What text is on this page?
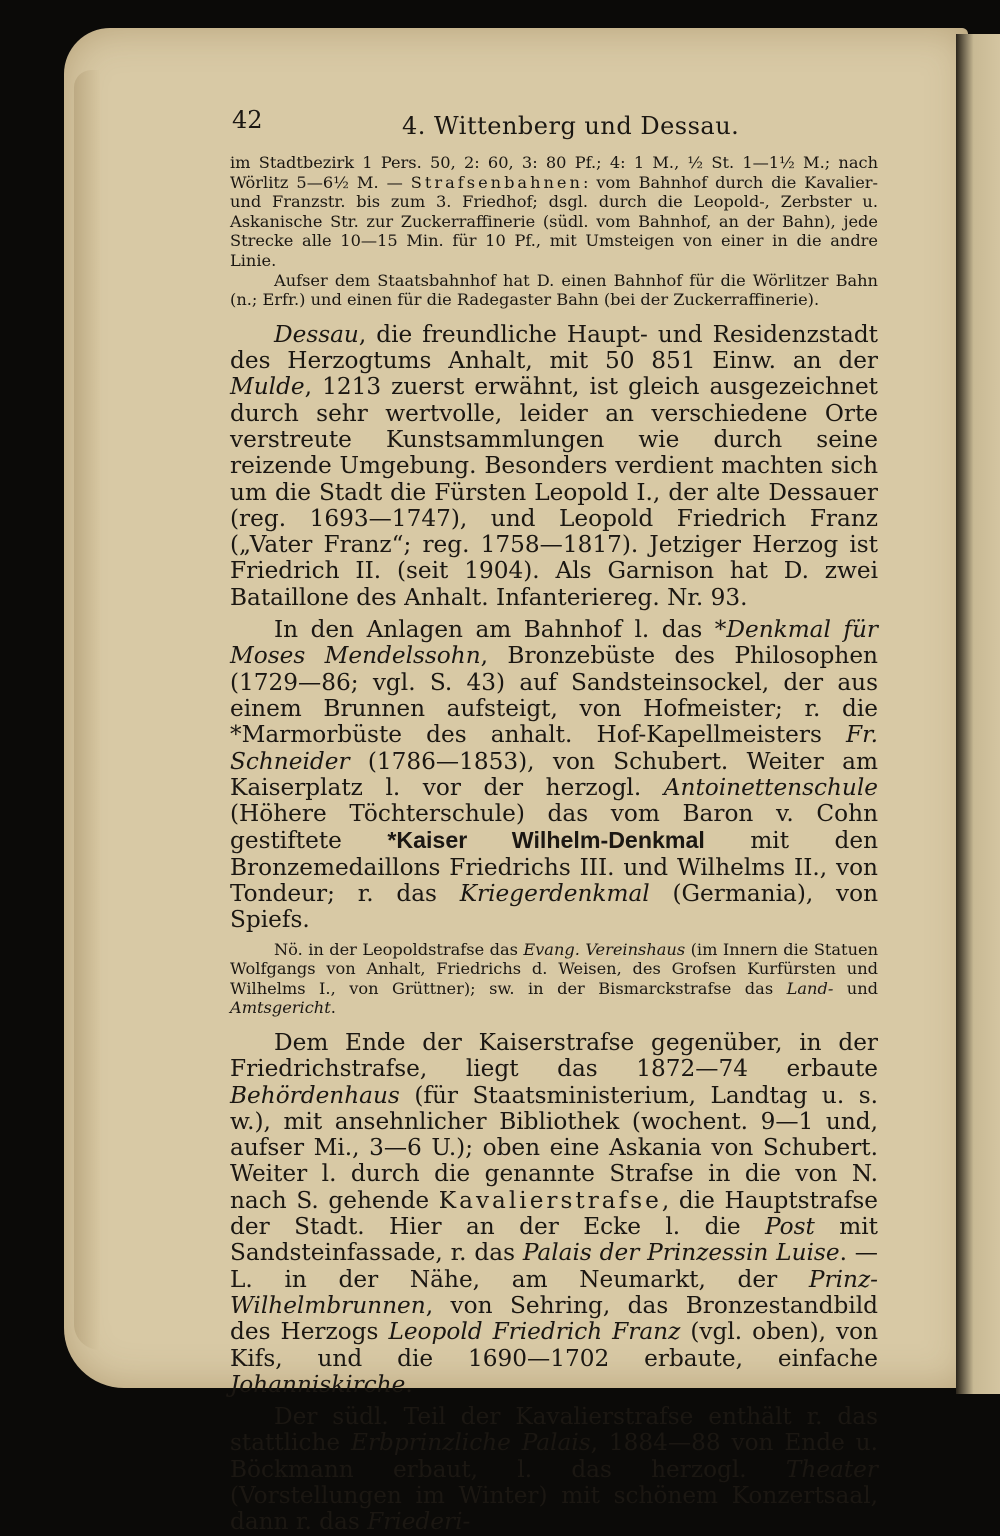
42	4. Wittenberg und Dessau.

im Stadtbezirk 1 Pers. 50, 2: 60, 3: 80 Pf.; 4: 1 M., ½ St. 1—1½ M.; nach Wörlitz 5—6½ M. — Strafsenbahnen: vom Bahnhof durch die Kavalier- und Franzstr. bis zum 3. Friedhof; dsgl. durch die Leopold-, Zerbster u. Askanische Str. zur Zuckerraffinerie (südl. vom Bahnhof, an der Bahn), jede Strecke alle 10—15 Min. für 10 Pf., mit Umsteigen von einer in die andre Linie.

Aufser dem Staatsbahnhof hat D. einen Bahnhof für die Wörlitzer Bahn (n.; Erfr.) und einen für die Radegaster Bahn (bei der Zuckerraffinerie).

Dessau, die freundliche Haupt- und Residenzstadt des Herzogtums Anhalt, mit 50 851 Einw. an der Mulde, 1213 zuerst erwähnt, ist gleich ausgezeichnet durch sehr wertvolle, leider an verschiedene Orte verstreute Kunstsammlungen wie durch seine reizende Umgebung. Besonders verdient machten sich um die Stadt die Fürsten Leopold I., der alte Dessauer (reg. 1693—1747), und Leopold Friedrich Franz („Vater Franz“; reg. 1758—1817). Jetziger Herzog ist Friedrich II. (seit 1904). Als Garnison hat D. zwei Bataillone des Anhalt. Infanteriereg. Nr. 93.

In den Anlagen am Bahnhof l. das *Denkmal für Moses Mendelssohn, Bronzebüste des Philosophen (1729—86; vgl. S. 43) auf Sandsteinsockel, der aus einem Brunnen aufsteigt, von Hofmeister; r. die *Marmorbüste des anhalt. Hof-Kapellmeisters Fr. Schneider (1786—1853), von Schubert. Weiter am Kaiserplatz l. vor der herzogl. Antoinettenschule (Höhere Töchterschule) das vom Baron v. Cohn gestiftete *Kaiser Wilhelm-Denkmal mit den Bronzemedaillons Friedrichs III. und Wilhelms II., von Tondeur; r. das Kriegerdenkmal (Germania), von Spiefs.

Nö. in der Leopoldstrafse das Evang. Vereinshaus (im Innern die Statuen Wolfgangs von Anhalt, Friedrichs d. Weisen, des Grofsen Kurfürsten und Wilhelms I., von Grüttner); sw. in der Bismarckstrafse das Land- und Amtsgericht.

Dem Ende der Kaiserstrafse gegenüber, in der Friedrichstrafse, liegt das 1872—74 erbaute Behördenhaus (für Staatsministerium, Landtag u. s. w.), mit ansehnlicher Bibliothek (wochent. 9—1 und, aufser Mi., 3—6 U.); oben eine Askania von Schubert. Weiter l. durch die genannte Strafse in die von N. nach S. gehende Kavalierstrafse, die Hauptstrafse der Stadt. Hier an der Ecke l. die Post mit Sandsteinfassade, r. das Palais der Prinzessin Luise. — L. in der Nähe, am Neumarkt, der Prinz-Wilhelmbrunnen, von Sehring, das Bronzestandbild des Herzogs Leopold Friedrich Franz (vgl. oben), von Kifs, und die 1690—1702 erbaute, einfache Johanniskirche.

Der südl. Teil der Kavalierstrafse enthält r. das stattliche Erbprinzliche Palais, 1884—88 von Ende u. Böckmann erbaut, l. das herzogl. Theater (Vorstellungen im Winter) mit schönem Konzertsaal, dann r. das Friederi-
